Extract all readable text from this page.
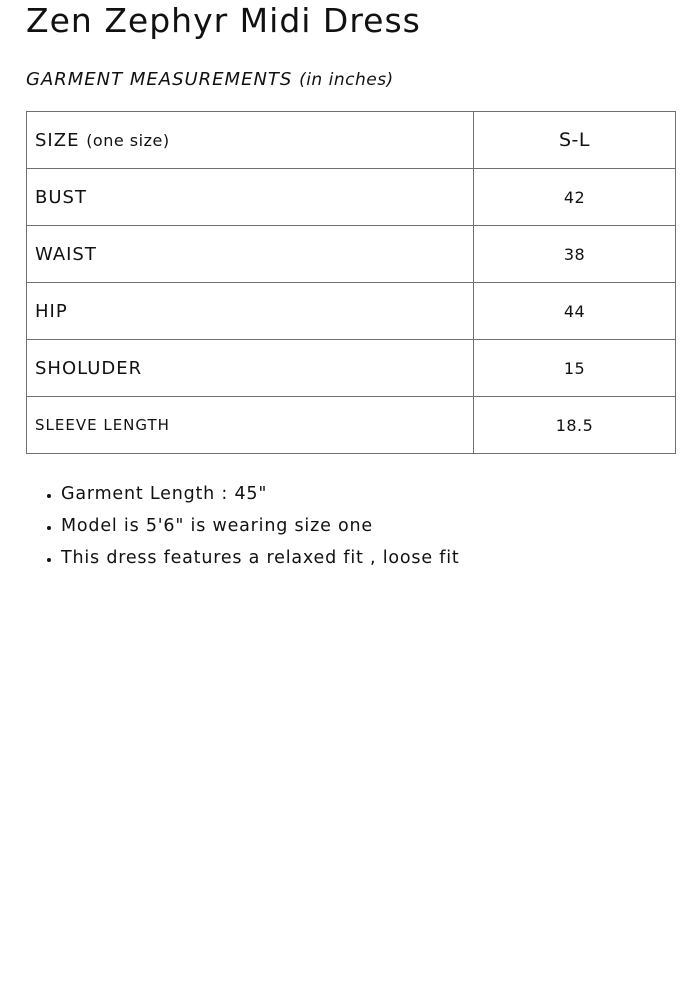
Zen Zephyr Midi Dress
GARMENT MEASUREMENTS (in inches)
SIZE (one size)	S-L
BUST	42
WAIST	38
HIP	44
SHOLUDER	15
SLEEVE LENGTH	18.5
• Garment Length : 45"
• Model is 5'6" is wearing size one
• This dress features a relaxed fit , loose fit
